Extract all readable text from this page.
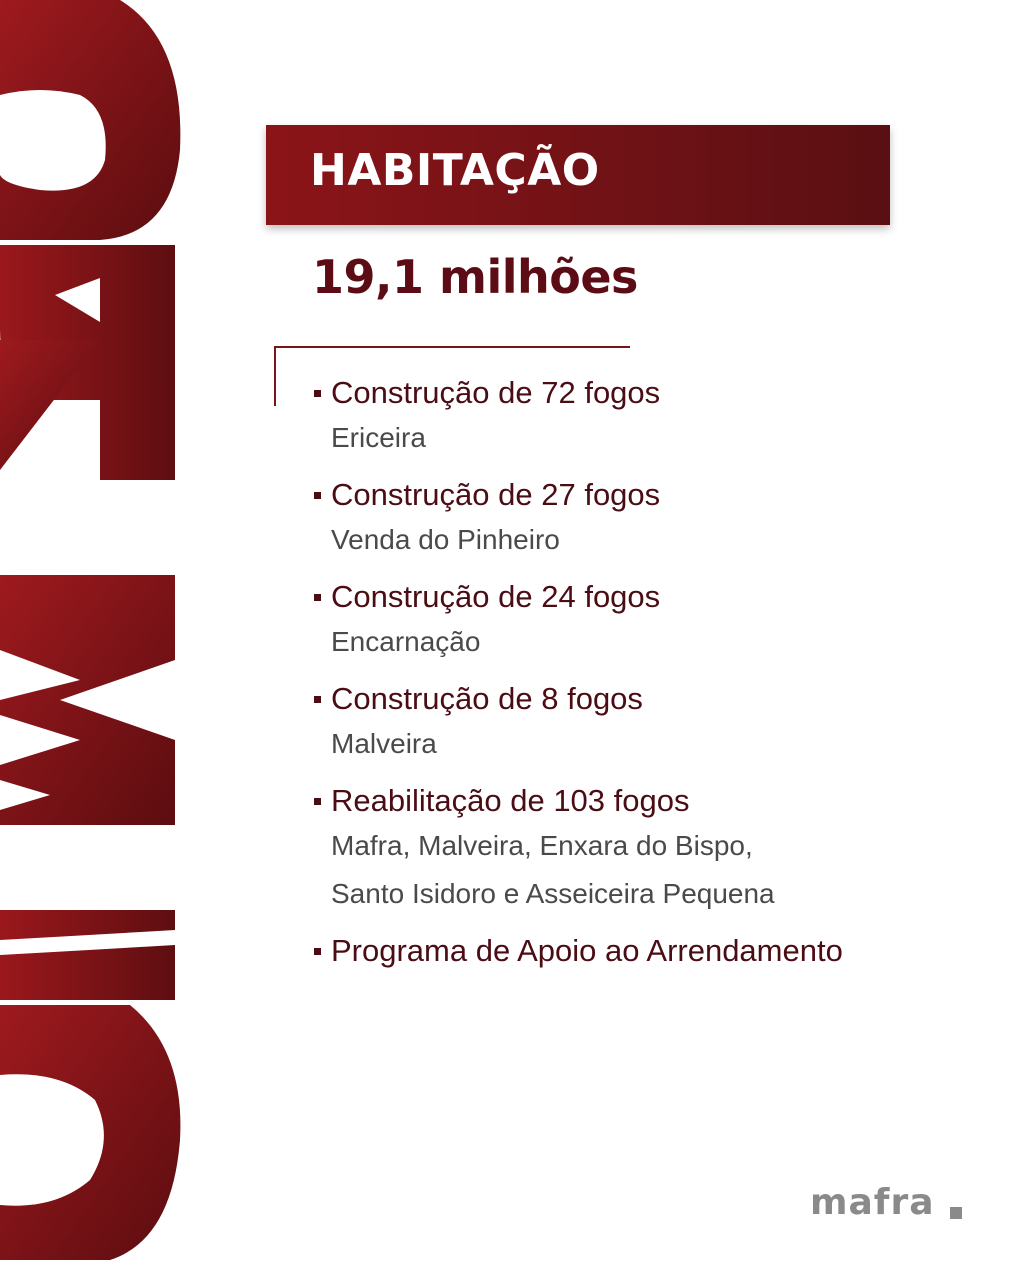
HABITAÇÃO
19,1 milhões
Construção de 72 fogos
Ericeira
Construção de 27 fogos
Venda do Pinheiro
Construção de 24 fogos
Encarnação
Construção de 8 fogos
Malveira
Reabilitação de 103 fogos
Mafra, Malveira, Enxara do Bispo,
Santo Isidoro e Asseiceira Pequena
Programa de Apoio ao Arrendamento
mafra
